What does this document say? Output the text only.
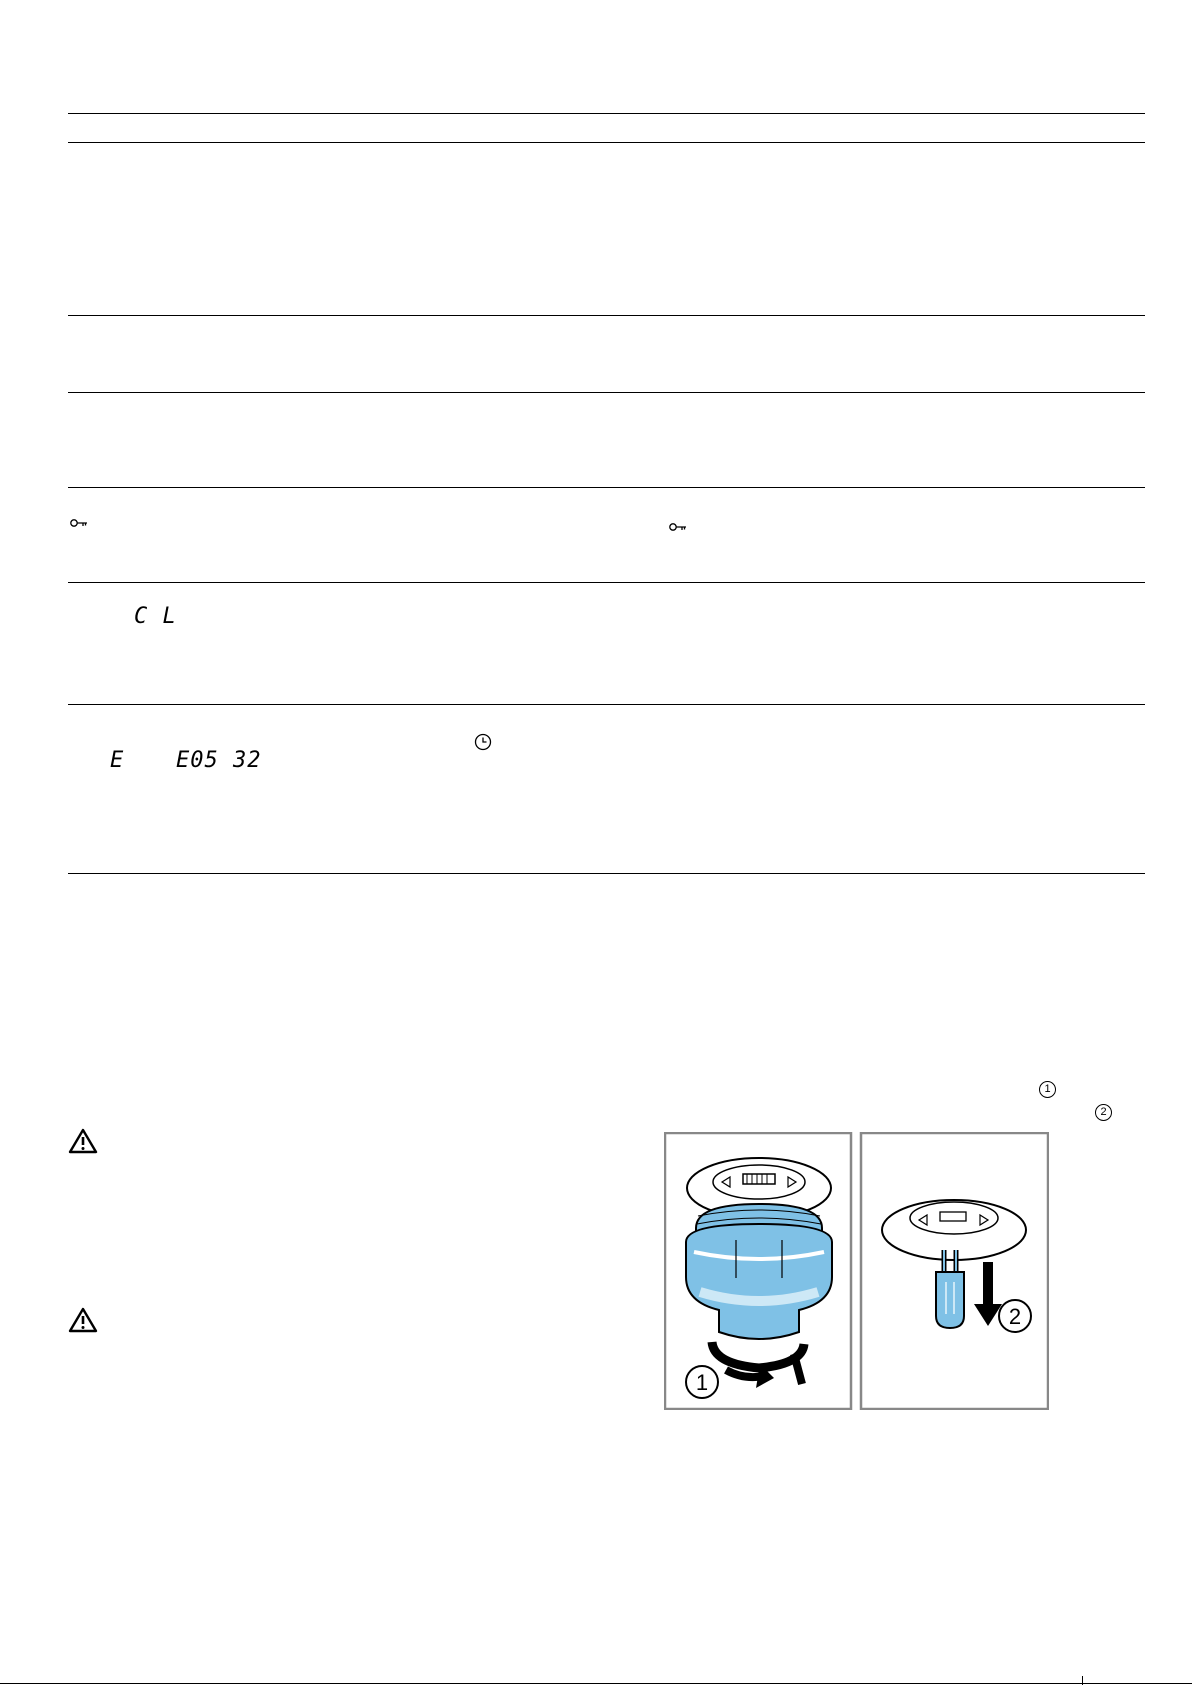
C L
E E05 32
1
2
1
2
